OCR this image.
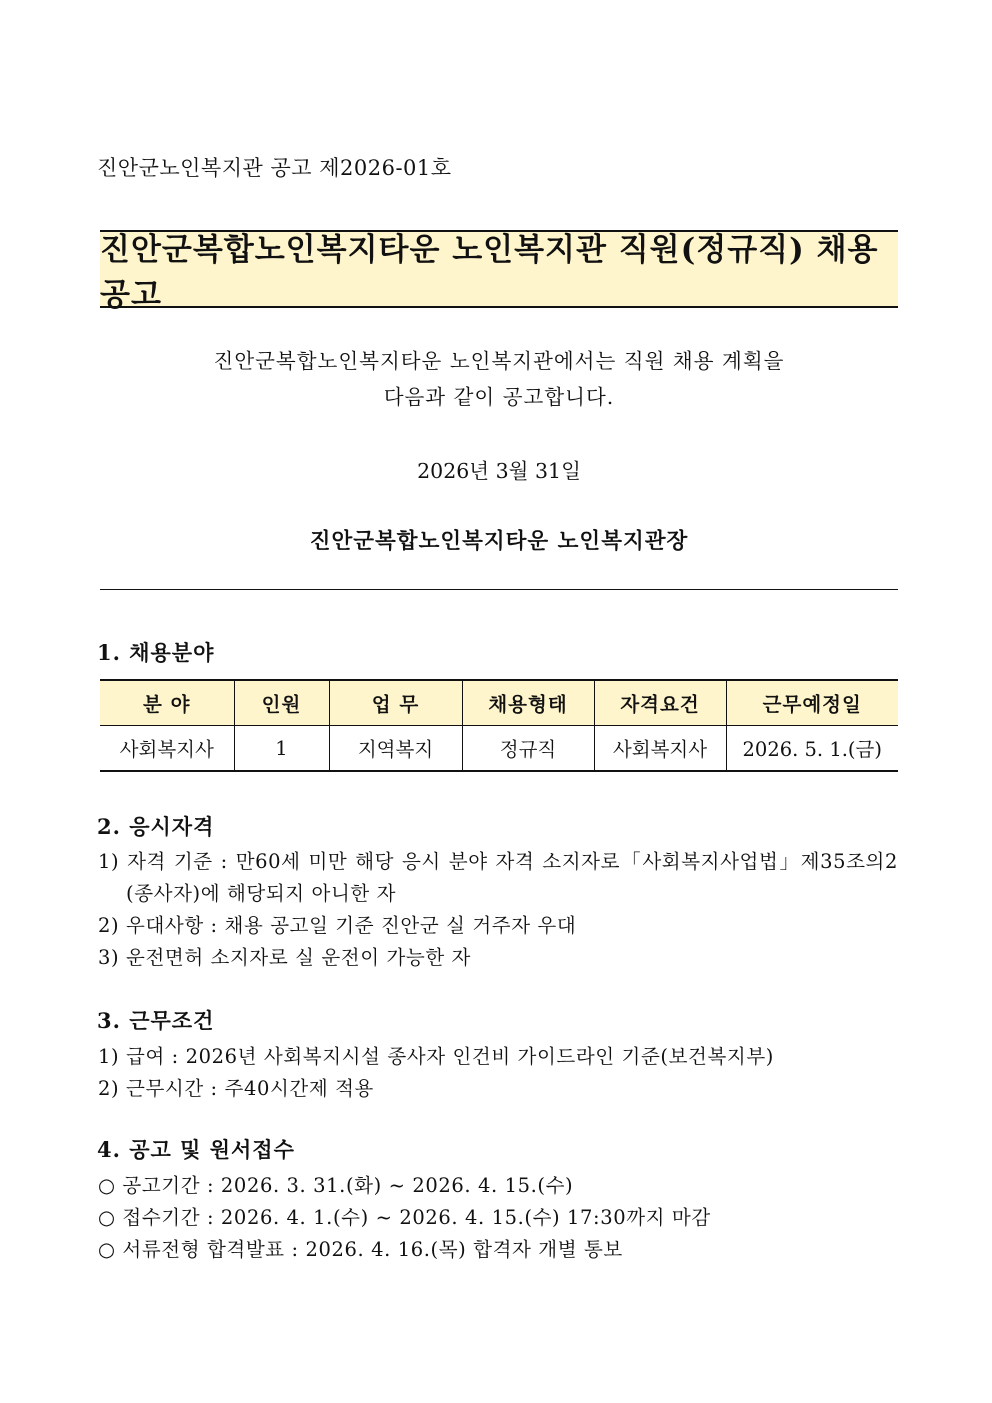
진안군노인복지관 공고 제2026-01호
진안군복합노인복지타운 노인복지관 직원(정규직) 채용 공고
진안군복합노인복지타운 노인복지관에서는 직원 채용 계획을
다음과 같이 공고합니다.
2026년 3월 31일
진안군복합노인복지타운 노인복지관장
1. 채용분야
분 야	인원	업 무	채용형태	자격요건	근무예정일
사회복지사	1	지역복지	정규직	사회복지사	2026. 5. 1.(금)
2. 응시자격
1) 자격 기준 : 만60세 미만 해당 응시 분야 자격 소지자로「사회복지사업법」제35조의2
(종사자)에 해당되지 아니한 자
2) 우대사항 : 채용 공고일 기준 진안군 실 거주자 우대
3) 운전면허 소지자로 실 운전이 가능한 자
3. 근무조건
1) 급여 : 2026년 사회복지시설 종사자 인건비 가이드라인 기준(보건복지부)
2) 근무시간 : 주40시간제 적용
4. 공고 및 원서접수
○ 공고기간 : 2026. 3. 31.(화) ~ 2026. 4. 15.(수)
○ 접수기간 : 2026. 4. 1.(수) ~ 2026. 4. 15.(수) 17:30까지 마감
○ 서류전형 합격발표 : 2026. 4. 16.(목) 합격자 개별 통보
